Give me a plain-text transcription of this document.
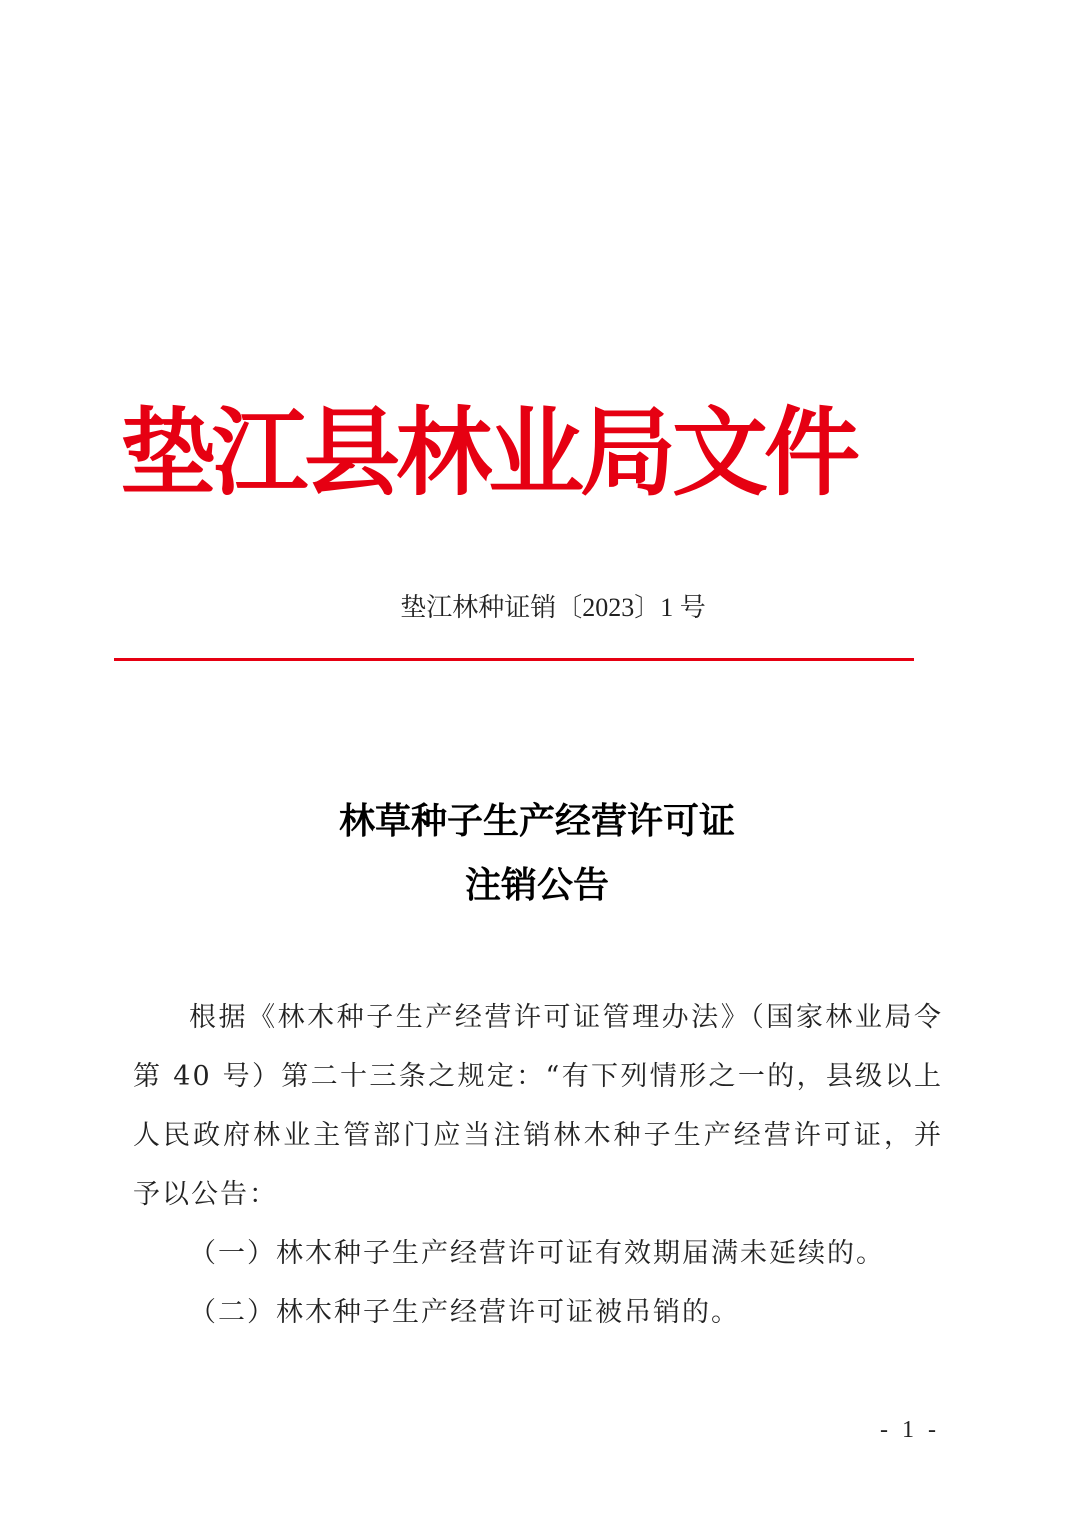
垫江县林业局文件
垫江林种证销〔2023〕1 号
林草种子生产经营许可证
注销公告

根据《林木种子生产经营许可证管理办法》（国家林业局令第 40 号）第二十三条之规定：“有下列情形之一的，县级以上人民政府林业主管部门应当注销林木种子生产经营许可证，并予以公告：

（一）林木种子生产经营许可证有效期届满未延续的。

（二）林木种子生产经营许可证被吊销的。

- 1 -
